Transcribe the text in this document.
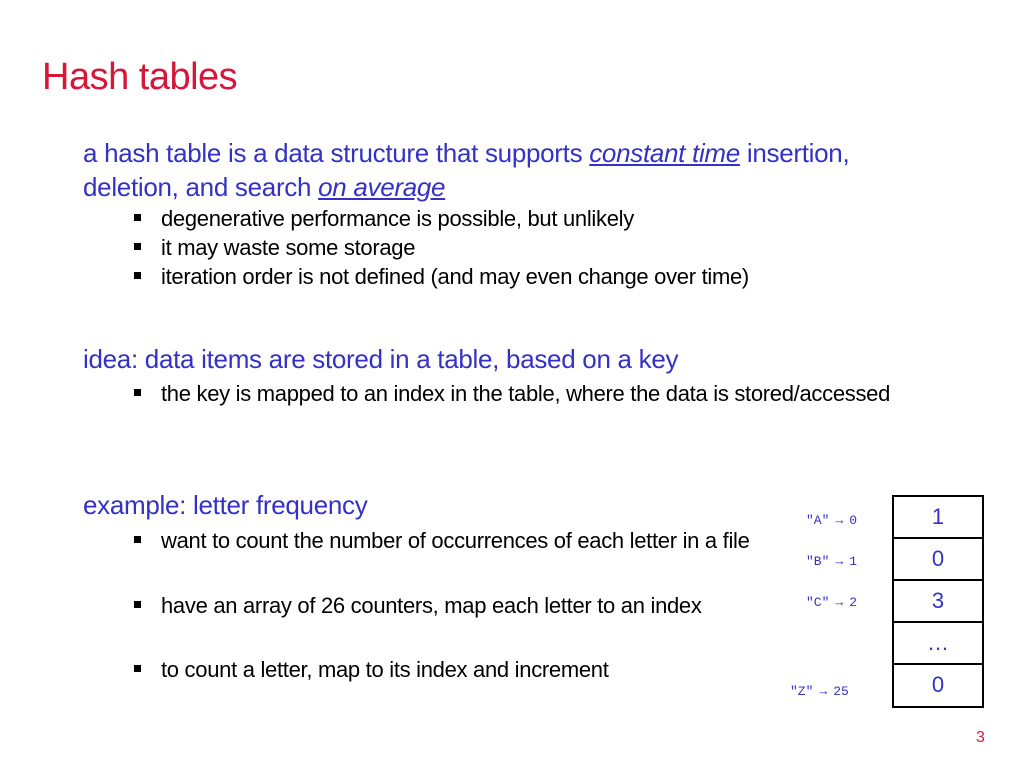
Hash tables
a hash table is a data structure that supports constant time insertion,
deletion, and search on average
degenerative performance is possible, but unlikely
it may waste some storage
iteration order is not defined (and may even change over time)
idea: data items are stored in a table, based on a key
the key is mapped to an index in the table, where the data is stored/accessed
example: letter frequency
want to count the number of occurrences of each letter in a file
have an array of 26 counters, map each letter to an index
to count a letter, map to its index and increment
"A" → 0
"B" → 1
"C" → 2
"Z" → 25
1
0
3
…
0
3
